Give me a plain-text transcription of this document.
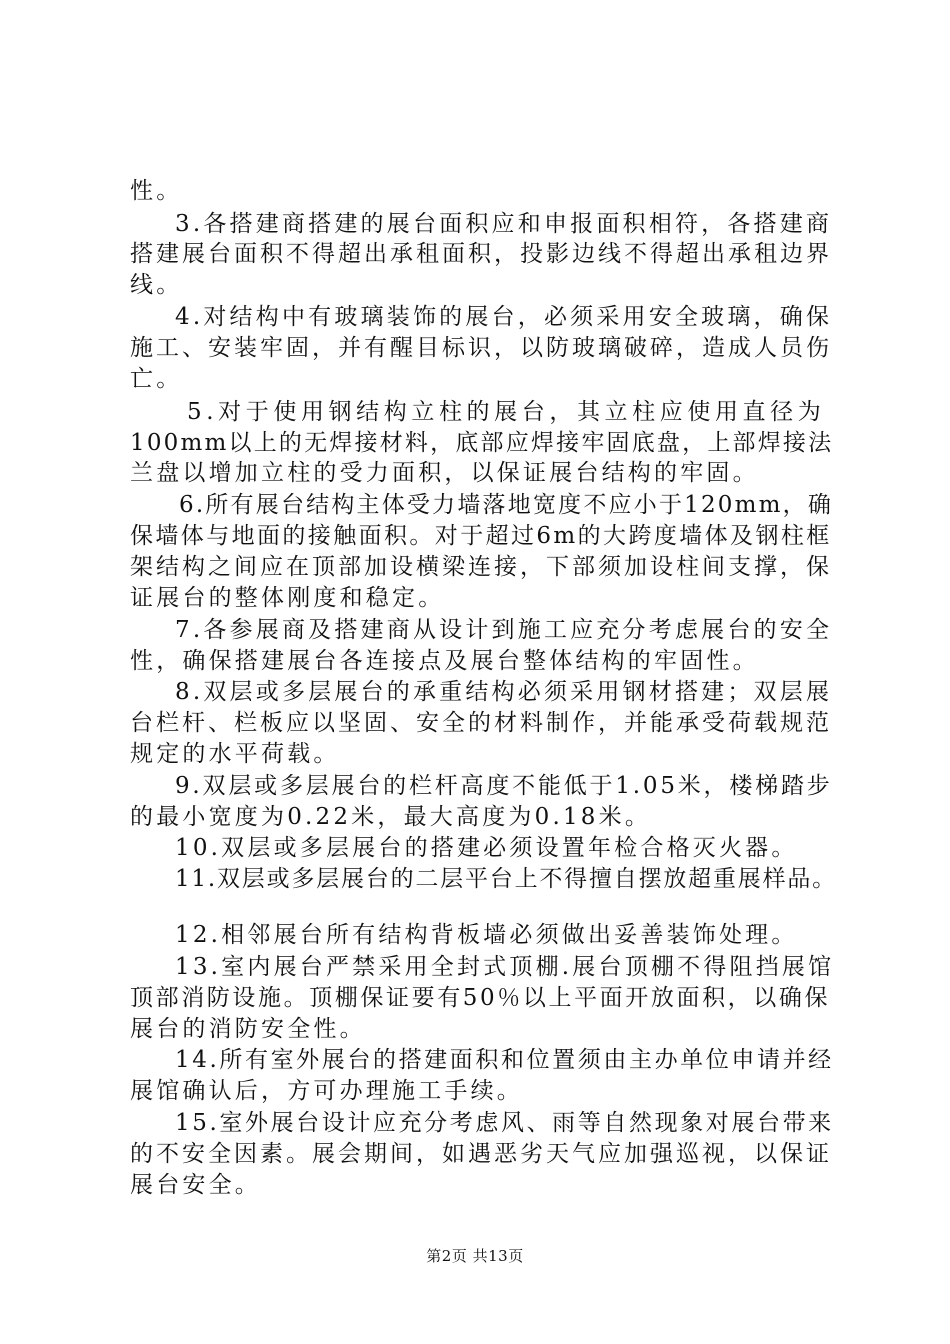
性。
3.各搭建商搭建的展台面积应和申报面积相符，各搭建商
搭建展台面积不得超出承租面积，投影边线不得超出承租边界
线。
4.对结构中有玻璃装饰的展台，必须采用安全玻璃，确保
施工、安装牢固，并有醒目标识，以防玻璃破碎，造成人员伤
亡。
5.对于使用钢结构立柱的展台，其立柱应使用直径为
100mm以上的无焊接材料，底部应焊接牢固底盘，上部焊接法
兰盘以增加立柱的受力面积，以保证展台结构的牢固。
6.所有展台结构主体受力墙落地宽度不应小于120mm，确
保墙体与地面的接触面积。对于超过6m的大跨度墙体及钢柱框
架结构之间应在顶部加设横梁连接，下部须加设柱间支撑，保
证展台的整体刚度和稳定。
7.各参展商及搭建商从设计到施工应充分考虑展台的安全
性，确保搭建展台各连接点及展台整体结构的牢固性。
8.双层或多层展台的承重结构必须采用钢材搭建；双层展
台栏杆、栏板应以坚固、安全的材料制作，并能承受荷载规范
规定的水平荷载。
9.双层或多层展台的栏杆高度不能低于1.05米，楼梯踏步
的最小宽度为0.22米，最大高度为0.18米。
10.双层或多层展台的搭建必须设置年检合格灭火器。
11.双层或多层展台的二层平台上不得擅自摆放超重展样品。
12.相邻展台所有结构背板墙必须做出妥善装饰处理。
13.室内展台严禁采用全封式顶棚.展台顶棚不得阻挡展馆
顶部消防设施。顶棚保证要有50％以上平面开放面积，以确保
展台的消防安全性。
14.所有室外展台的搭建面积和位置须由主办单位申请并经
展馆确认后，方可办理施工手续。
15.室外展台设计应充分考虑风、雨等自然现象对展台带来
的不安全因素。展会期间，如遇恶劣天气应加强巡视，以保证
展台安全。
第2页 共13页
